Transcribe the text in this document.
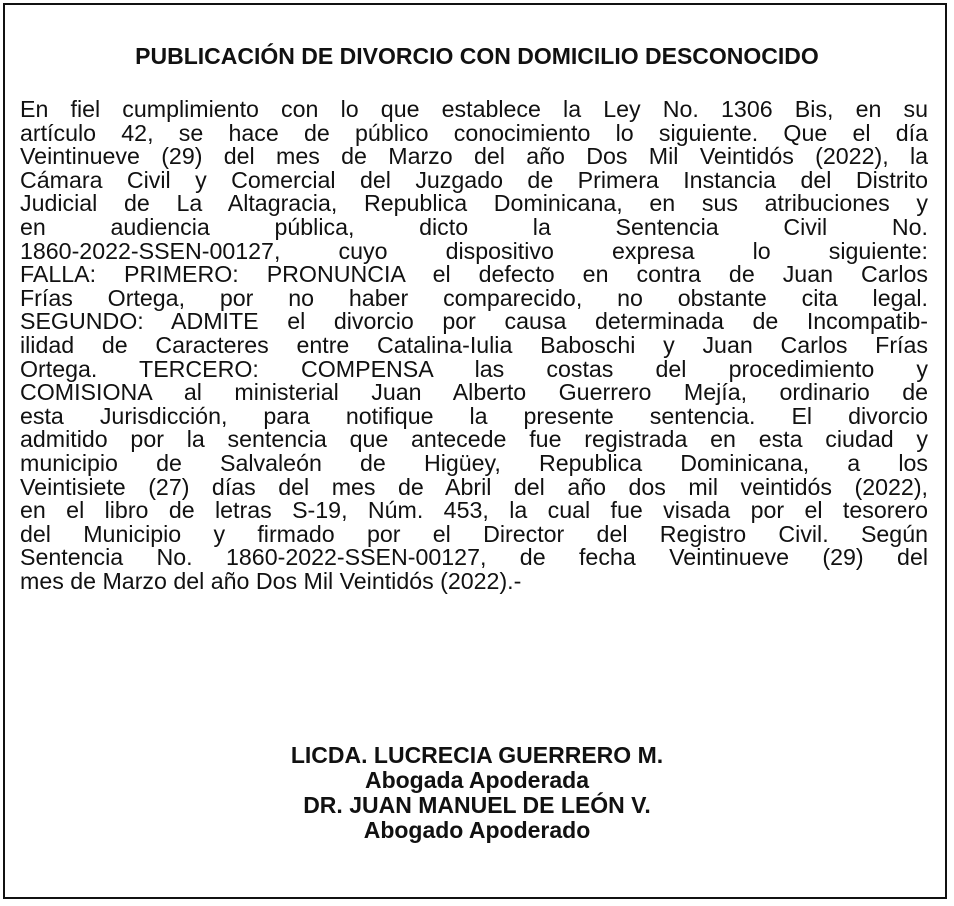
PUBLICACIÓN DE DIVORCIO CON DOMICILIO DESCONOCIDO
En fiel cumplimiento con lo que establece la Ley No. 1306 Bis, en su
artículo 42, se hace de público conocimiento lo siguiente. Que el día
Veintinueve (29) del mes de Marzo del año Dos Mil Veintidós (2022), la
Cámara Civil y Comercial del Juzgado de Primera Instancia del Distrito
Judicial de La Altagracia, Republica Dominicana, en sus atribuciones y
en audiencia pública, dicto la Sentencia Civil No.
1860-2022-SSEN-00127, cuyo dispositivo expresa lo siguiente:
FALLA: PRIMERO: PRONUNCIA el defecto en contra de Juan Carlos
Frías Ortega, por no haber comparecido, no obstante cita legal.
SEGUNDO: ADMITE el divorcio por causa determinada de Incompatib-
ilidad de Caracteres entre Catalina-Iulia Baboschi y Juan Carlos Frías
Ortega. TERCERO: COMPENSA las costas del procedimiento y
COMISIONA al ministerial Juan Alberto Guerrero Mejía, ordinario de
esta Jurisdicción, para notifique la presente sentencia. El divorcio
admitido por la sentencia que antecede fue registrada en esta ciudad y
municipio de Salvaleón de Higüey, Republica Dominicana, a los
Veintisiete (27) días del mes de Abril del año dos mil veintidós (2022),
en el libro de letras S-19, Núm. 453, la cual fue visada por el tesorero
del Municipio y firmado por el Director del Registro Civil. Según
Sentencia No. 1860-2022-SSEN-00127, de fecha Veintinueve (29) del
mes de Marzo del año Dos Mil Veintidós (2022).-
LICDA. LUCRECIA GUERRERO M.
Abogada Apoderada
DR. JUAN MANUEL DE LEÓN V.
Abogado Apoderado
